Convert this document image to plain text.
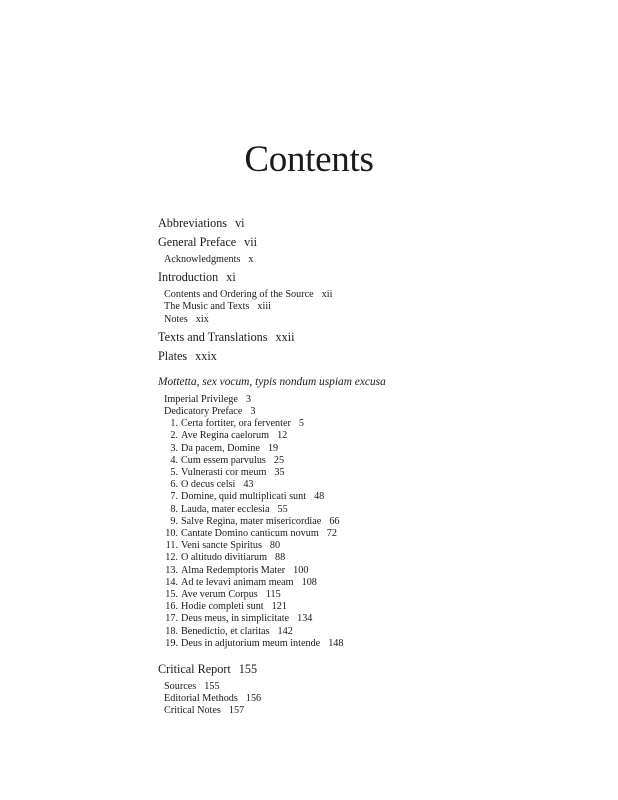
Contents
Abbreviations vi
General Preface vii
Acknowledgments x
Introduction xi
Contents and Ordering of the Source xii
The Music and Texts xiii
Notes xix
Texts and Translations xxii
Plates xxix
Mottetta, sex vocum, typis nondum uspiam excusa
Imperial Privilege 3
Dedicatory Preface 3
1. Certa fortiter, ora ferventer 5
2. Ave Regina caelorum 12
3. Da pacem, Domine 19
4. Cum essem parvulus 25
5. Vulnerasti cor meum 35
6. O decus celsi 43
7. Domine, quid multiplicati sunt 48
8. Lauda, mater ecclesia 55
9. Salve Regina, mater misericordiae 66
10. Cantate Domino canticum novum 72
11. Veni sancte Spiritus 80
12. O altitudo divitiarum 88
13. Alma Redemptoris Mater 100
14. Ad te levavi animam meam 108
15. Ave verum Corpus 115
16. Hodie completi sunt 121
17. Deus meus, in simplicitate 134
18. Benedictio, et claritas 142
19. Deus in adjutorium meum intende 148
Critical Report 155
Sources 155
Editorial Methods 156
Critical Notes 157
